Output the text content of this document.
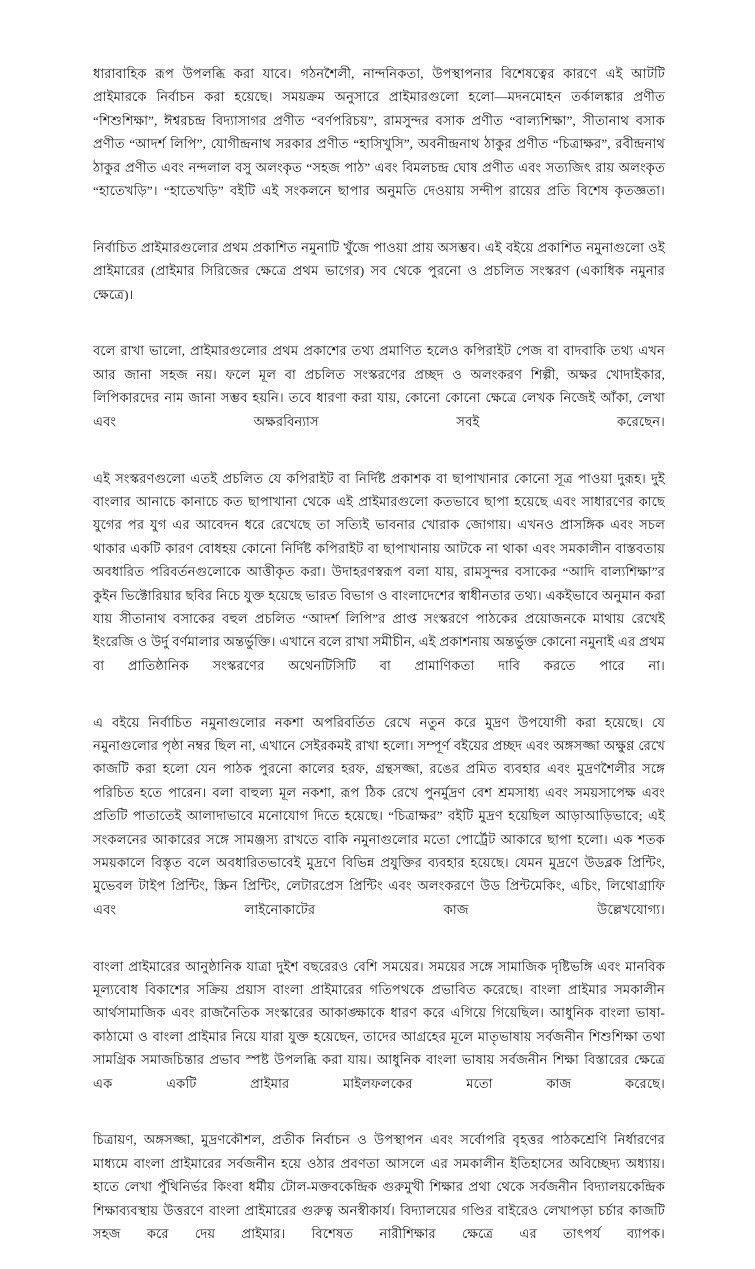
ধারাবাহিক রূপ উপলব্ধি করা যাবে। গঠনশৈলী, নান্দনিকতা, উপস্থাপনার বিশেষত্বের কারণে এই আটটি প্রাইমারকে নির্বাচন করা হয়েছে। সময়ক্রম অনুসারে প্রাইমারগুলো হলো—মদনমোহন তর্কালঙ্কার প্রণীত “শিশুশিক্ষা”, ঈশ্বরচন্দ্র বিদ্যাসাগর প্রণীত “বর্ণপরিচয়”, রামসুন্দর বসাক প্রণীত “বাল্যশিক্ষা”, সীতানাথ বসাক প্রণীত “আদর্শ লিপি”, যোগীন্দ্রনাথ সরকার প্রণীত “হাসিখুসি”, অবনীন্দ্রনাথ ঠাকুর প্রণীত “চিত্রাক্ষর”, রবীন্দ্রনাথ ঠাকুর প্রণীত এবং নন্দলাল বসু অলংকৃত “সহজ পাঠ” এবং বিমলচন্দ্র ঘোষ প্রণীত এবং সত্যজিৎ রায় অলংকৃত “হাতেখড়ি”। “হাতেখড়ি” বইটি এই সংকলনে ছাপার অনুমতি দেওয়ায় সন্দীপ রায়ের প্রতি বিশেষ কৃতজ্ঞতা।

নির্বাচিত প্রাইমারগুলোর প্রথম প্রকাশিত নমুনাটি খুঁজে পাওয়া প্রায় অসম্ভব। এই বইয়ে প্রকাশিত নমুনাগুলো ওই প্রাইমারের (প্রাইমার সিরিজের ক্ষেত্রে প্রথম ভাগের) সব থেকে পুরনো ও প্রচলিত সংস্করণ (একাধিক নমুনার ক্ষেত্রে)।

বলে রাখা ভালো, প্রাইমারগুলোর প্রথম প্রকাশের তথ্য প্রমাণিত হলেও কপিরাইট পেজ বা বাদবাকি তথ্য এখন আর জানা সহজ নয়। ফলে মূল বা প্রচলিত সংস্করণের প্রচ্ছদ ও অলংকরণ শিল্পী, অক্ষর খোদাইকার, লিপিকারদের নাম জানা সম্ভব হয়নি। তবে ধারণা করা যায়, কোনো কোনো ক্ষেত্রে লেখক নিজেই আঁকা, লেখা এবং অক্ষরবিন্যাস সবই করেছেন।

এই সংস্করণগুলো এতই প্রচলিত যে কপিরাইট বা নির্দিষ্ট প্রকাশক বা ছাপাখানার কোনো সূত্র পাওয়া দুরূহ। দুই বাংলার আনাচে কানাচে কত ছাপাখানা থেকে এই প্রাইমারগুলো কতভাবে ছাপা হয়েছে এবং সাধারণের কাছে যুগের পর যুগ এর আবেদন ধরে রেখেছে তা সত্যিই ভাবনার খোরাক জোগায়। এখনও প্রাসঙ্গিক এবং সচল থাকার একটি কারণ বোধহয় কোনো নির্দিষ্ট কপিরাইট বা ছাপাখানায় আটকে না থাকা এবং সমকালীন বাস্তবতায় অবধারিত পরিবর্তনগুলোকে আত্তীকৃত করা। উদাহরণস্বরূপ বলা যায়, রামসুন্দর বসাকের “আদি বাল্যশিক্ষা”র কুইন ভিক্টোরিয়ার ছবির নিচে যুক্ত হয়েছে ভারত বিভাগ ও বাংলাদেশের স্বাধীনতার তথ্য। একইভাবে অনুমান করা যায় সীতানাথ বসাকের বহুল প্রচলিত “আদর্শ লিপি”র প্রাপ্ত সংস্করণে পাঠকের প্রয়োজনকে মাথায় রেখেই ইংরেজি ও উর্দু বর্ণমালার অন্তর্ভুক্তি। এখানে বলে রাখা সমীচীন, এই প্রকাশনায় অন্তর্ভুক্ত কোনো নমুনাই এর প্রথম বা প্রাতিষ্ঠানিক সংস্করণের অথেনটিসিটি বা প্রামাণিকতা দাবি করতে পারে না।

এ বইয়ে নির্বাচিত নমুনাগুলোর নকশা অপরিবর্তিত রেখে নতুন করে মুদ্রণ উপযোগী করা হয়েছে। যে নমুনাগুলোর পৃষ্ঠা নম্বর ছিল না, এখানে সেইরকমই রাখা হলো। সম্পূর্ণ বইয়ের প্রচ্ছদ এবং অঙ্গসজ্জা অক্ষুণ্ণ রেখে কাজটি করা হলো যেন পাঠক পুরনো কালের হরফ, গ্রন্থসজ্জা, রঙের প্রমিত ব্যবহার এবং মুদ্রণশৈলীর সঙ্গে পরিচিত হতে পারেন। বলা বাহুল্য মূল নকশা, রূপ ঠিক রেখে পুনর্মুদ্রণ বেশ শ্রমসাধ্য এবং সময়সাপেক্ষ এবং প্রতিটি পাতাতেই আলাদাভাবে মনোযোগ দিতে হয়েছে। “চিত্রাক্ষর” বইটি মুদ্রণ হয়েছিল আড়াআড়িভাবে; এই সংকলনের আকারের সঙ্গে সামঞ্জস্য রাখতে বাকি নমুনাগুলোর মতো পোর্ট্রেট আকারে ছাপা হলো। এক শতক সময়কালে বিস্তৃত বলে অবধারিতভাবেই মুদ্রণে বিভিন্ন প্রযুক্তির ব্যবহার হয়েছে। যেমন মুদ্রণে উডব্লক প্রিন্টিং, মুভেবল টাইপ প্রিন্টিং, স্ক্রিন প্রিন্টিং, লেটারপ্রেস প্রিন্টিং এবং অলংকরণে উড প্রিন্টমেকিং, এচিং, লিথোগ্রাফি এবং লাইনোকাটের কাজ উল্লেখযোগ্য।

বাংলা প্রাইমারের আনুষ্ঠানিক যাত্রা দুইশ বছরেরও বেশি সময়ের। সময়ের সঙ্গে সামাজিক দৃষ্টিভঙ্গি এবং মানবিক মূল্যবোধ বিকাশের সক্রিয় প্রয়াস বাংলা প্রাইমারের গতিপথকে প্রভাবিত করেছে। বাংলা প্রাইমার সমকালীন আর্থসামাজিক এবং রাজনৈতিক সংস্কারের আকাঙ্ক্ষাকে ধারণ করে এগিয়ে গিয়েছিল। আধুনিক বাংলা ভাষা-কাঠামো ও বাংলা প্রাইমার নিয়ে যারা যুক্ত হয়েছেন, তাদের আগ্রহের মূলে মাতৃভাষায় সর্বজনীন শিশুশিক্ষা তথা সামগ্রিক সমাজচিন্তার প্রভাব স্পষ্ট উপলব্ধি করা যায়। আধুনিক বাংলা ভাষায় সর্বজনীন শিক্ষা বিস্তারের ক্ষেত্রে এক একটি প্রাইমার মাইলফলকের মতো কাজ করেছে।

চিত্রায়ণ, অঙ্গসজ্জা, মুদ্রণকৌশল, প্রতীক নির্বাচন ও উপস্থাপন এবং সর্বোপরি বৃহত্তর পাঠকশ্রেণি নির্ধারণের মাধ্যমে বাংলা প্রাইমারের সর্বজনীন হয়ে ওঠার প্রবণতা আসলে এর সমকালীন ইতিহাসের অবিচ্ছেদ্য অধ্যায়। হাতে লেখা পুঁথিনির্ভর কিংবা ধর্মীয় টোল-মক্তবকেন্দ্রিক গুরুমুখী শিক্ষার প্রথা থেকে সর্বজনীন বিদ্যালয়কেন্দ্রিক শিক্ষাব্যবস্থায় উত্তরণে বাংলা প্রাইমারের গুরুত্ব অনস্বীকার্য। বিদ্যালয়ের গণ্ডির বাইরেও লেখাপড়া চর্চার কাজটি সহজ করে দেয় প্রাইমার। বিশেষত নারীশিক্ষার ক্ষেত্রে এর তাৎপর্য ব্যাপক।
